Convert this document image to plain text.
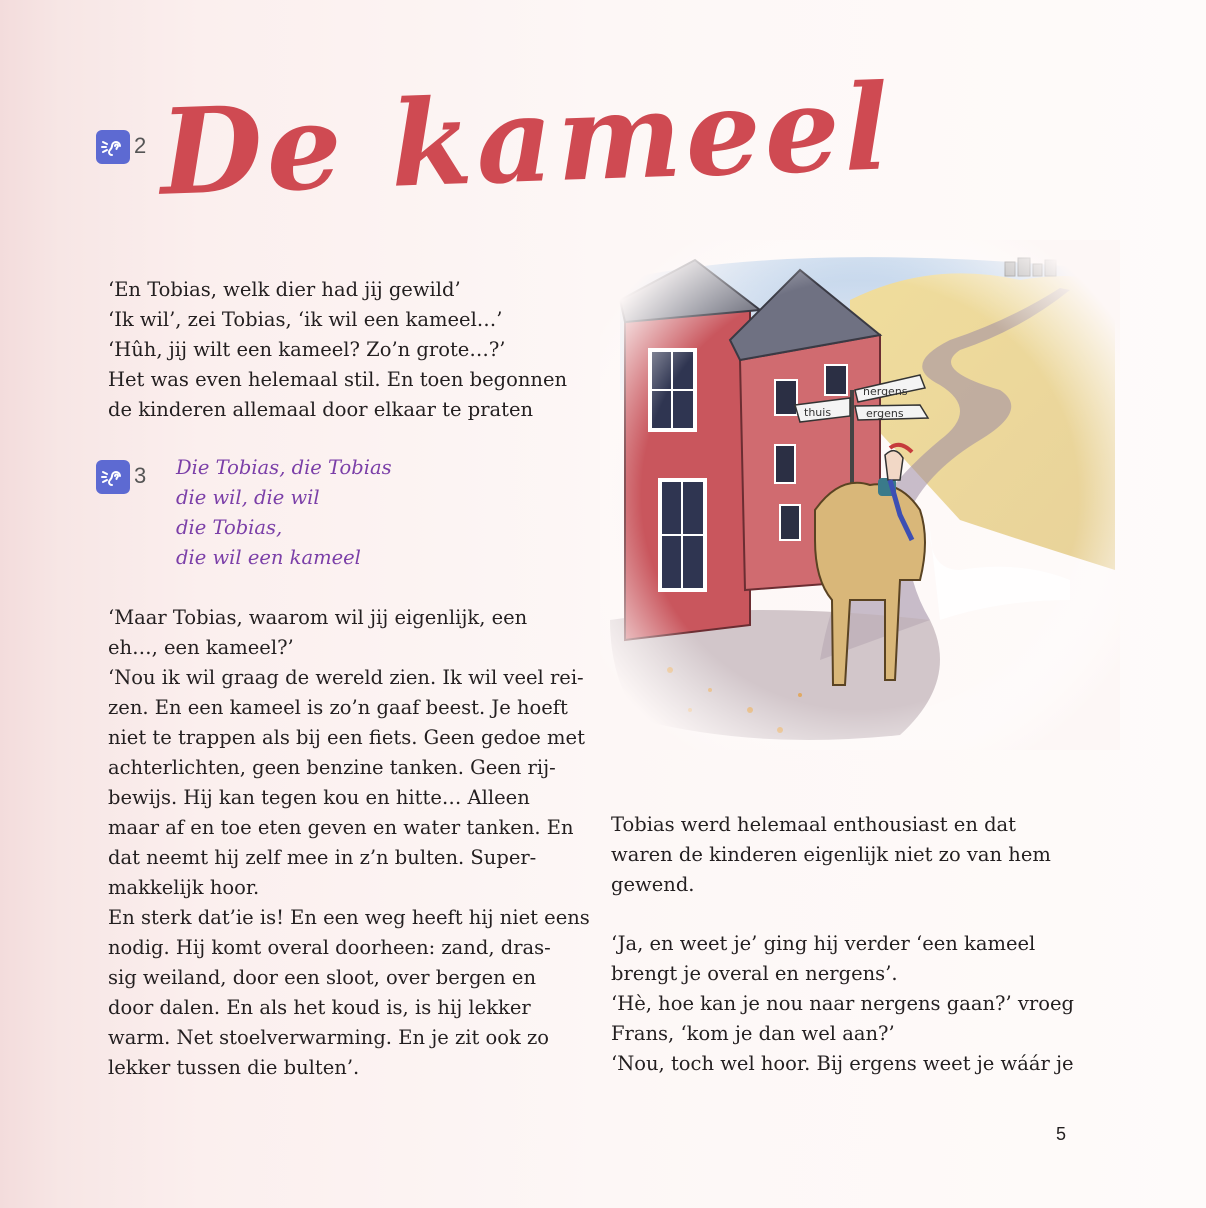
2 De kameel
‘En Tobias, welk dier had jij gewild’
‘Ik wil’, zei Tobias, ‘ik wil een kameel…’
‘Hûh, jij wilt een kameel? Zo’n grote…?’
Het was even helemaal stil. En toen begonnen
de kinderen allemaal door elkaar te praten
3 Die Tobias, die Tobias
die wil, die wil
die Tobias,
die wil een kameel
‘Maar Tobias, waarom wil jij eigenlijk, een
eh…, een kameel?’
‘Nou ik wil graag de wereld zien. Ik wil veel rei-
zen. En een kameel is zo’n gaaf beest. Je hoeft
niet te trappen als bij een fiets. Geen gedoe met
achterlichten, geen benzine tanken. Geen rij-
bewijs. Hij kan tegen kou en hitte… Alleen
maar af en toe eten geven en water tanken. En
dat neemt hij zelf mee in z’n bulten. Super-
makkelijk hoor.
En sterk dat’ie is! En een weg heeft hij niet eens
nodig. Hij komt overal doorheen: zand, dras-
sig weiland, door een sloot, over bergen en
door dalen. En als het koud is, is hij lekker
warm. Net stoelverwarming. En je zit ook zo
lekker tussen die bulten’.
Tobias werd helemaal enthousiast en dat
waren de kinderen eigenlijk niet zo van hem
gewend.
‘Ja, en weet je’ ging hij verder ‘een kameel
brengt je overal en nergens’.
‘Hè, hoe kan je nou naar nergens gaan?’ vroeg
Frans, ‘kom je dan wel aan?’
‘Nou, toch wel hoor. Bij ergens weet je wáár je
5
